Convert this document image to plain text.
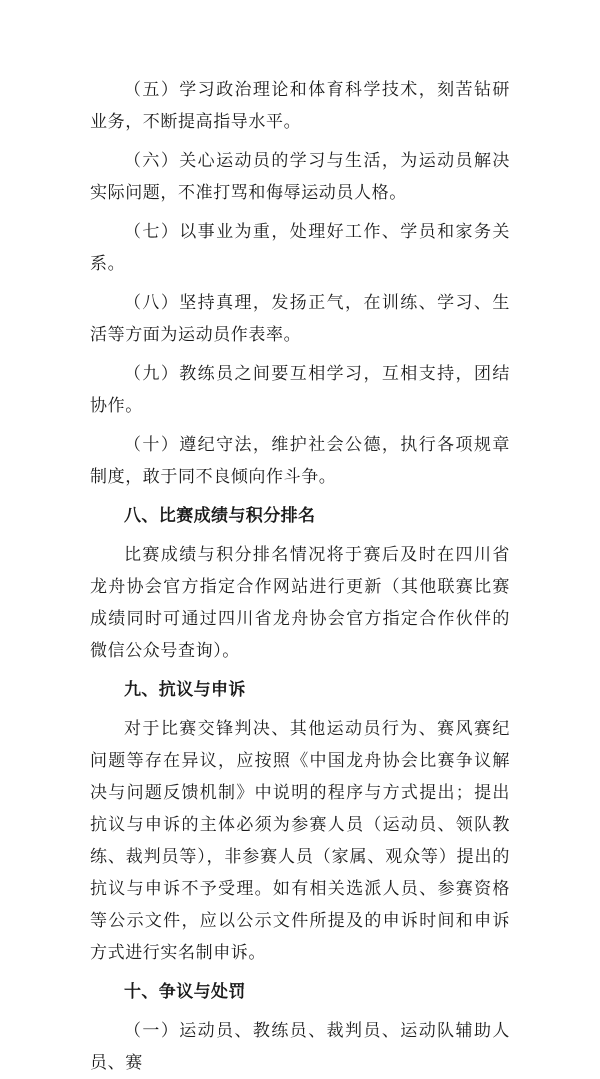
（五）学习政治理论和体育科学技术，刻苦钻研业务，不断提高指导水平。

（六）关心运动员的学习与生活，为运动员解决实际问题，不准打骂和侮辱运动员人格。

（七）以事业为重，处理好工作、学员和家务关系。

（八）坚持真理，发扬正气，在训练、学习、生活等方面为运动员作表率。

（九）教练员之间要互相学习，互相支持，团结协作。

（十）遵纪守法，维护社会公德，执行各项规章制度，敢于同不良倾向作斗争。

八、比赛成绩与积分排名

比赛成绩与积分排名情况将于赛后及时在四川省龙舟协会官方指定合作网站进行更新（其他联赛比赛成绩同时可通过四川省龙舟协会官方指定合作伙伴的微信公众号查询）。

九、抗议与申诉

对于比赛交锋判决、其他运动员行为、赛风赛纪问题等存在异议，应按照《中国龙舟协会比赛争议解决与问题反馈机制》中说明的程序与方式提出；提出抗议与申诉的主体必须为参赛人员（运动员、领队教练、裁判员等），非参赛人员（家属、观众等）提出的抗议与申诉不予受理。如有相关选派人员、参赛资格等公示文件，应以公示文件所提及的申诉时间和申诉方式进行实名制申诉。

十、争议与处罚

（一）运动员、教练员、裁判员、运动队辅助人员、赛
